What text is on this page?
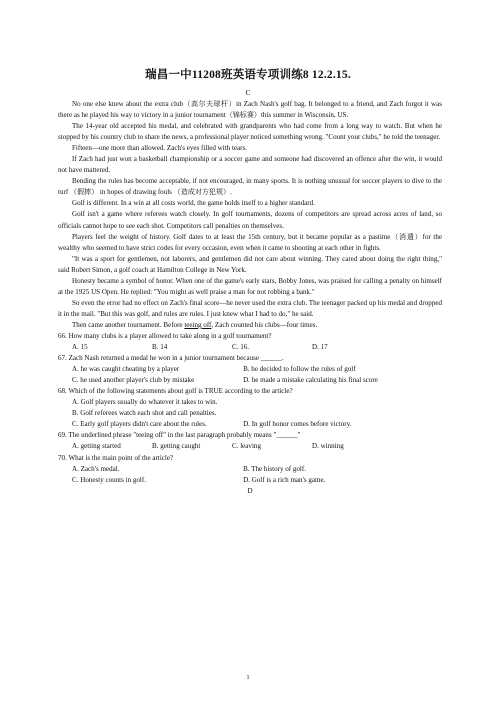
瑞昌一中11208班英语专项训练8 12.2.15.
C

No one else knew about the extra club（高尔夫球杆）in Zach Nash's golf bag. It belonged to a friend, and Zach forgot it was there as he played his way to victory in a junior tournament（锦标赛）this summer in Wisconsin, US.

The 14-year old accepted his medal, and celebrated with grandparents who had come from a long way to watch. But when he stopped by his country club to share the news, a professional player noticed something wrong. "Count your clubs," he told the teenager.

Fifteen—one more than allowed. Zach's eyes filled with tears.

If Zach had just won a basketball championship or a soccer game and someone had discovered an offence after the win, it would not have mattered.

Bending the rules has become acceptable, if not encouraged, in many sports. It is nothing unusual for soccer players to dive to the turf （假摔） in hopes of drawing fouls （造成对方犯规）.

Golf is different. In a win at all costs world, the game holds itself to a higher standard.

Golf isn't a game where referees watch closely. In golf tournaments, dozens of competitors are spread across acres of land, so officials cannot hope to see each shot. Competitors call penalties on themselves.

Players feel the weight of history. Golf dates to at least the 15th century, but it became popular as a pastime（消遣）for the wealthy who seemed to have strict codes for every occasion, even when it came to shooting at each other in fights.

"It was a sport for gentlemen, not laborers, and gentlemen did not care about winning. They cared about doing the right thing," said Robert Simon, a golf coach at Hamilton College in New York.

Honesty became a symbol of honor. When one of the game's early stars, Bobby Jones, was praised for calling a penalty on himself at the 1925 US Open. He replied: "You might as well praise a man for not robbing a bank."

So even the error had no effect on Zach's final score—he never used the extra club. The teenager packed up his medal and dropped it in the mail. "But this was golf, and rules are rules. I just knew what I had to do," he said.

Then came another tournament. Before teeing off, Zach counted his clubs—four times.

66. How many clubs is a player allowed to take along in a golf tournament?

A. 15	B. 14	C. 16.	D. 17

67. Zach Nash returned a medal he won in a junior tournament because ______.

A. he was caught cheating by a player	B. he decided to follow the rules of golf
C. he used another player's club by mistake	D. he made a mistake calculating his final score

68. Which of the following statements about golf is TRUE according to the article?

A. Golf players usually do whatever it takes to win.
B. Golf referees watch each shot and call penalties.
C. Early golf players didn't care about the rules.	D. In golf honor comes before victory.

69. The underlined phrase "teeing off" in the last paragraph probably means "______"

A. getting started	B. getting caught	C. leaving	D. winning

70. What is the main point of the article?

A. Zach's medal.	B. The history of golf.
C. Honesty counts in golf.	D. Golf is a rich man's game.

D

1
